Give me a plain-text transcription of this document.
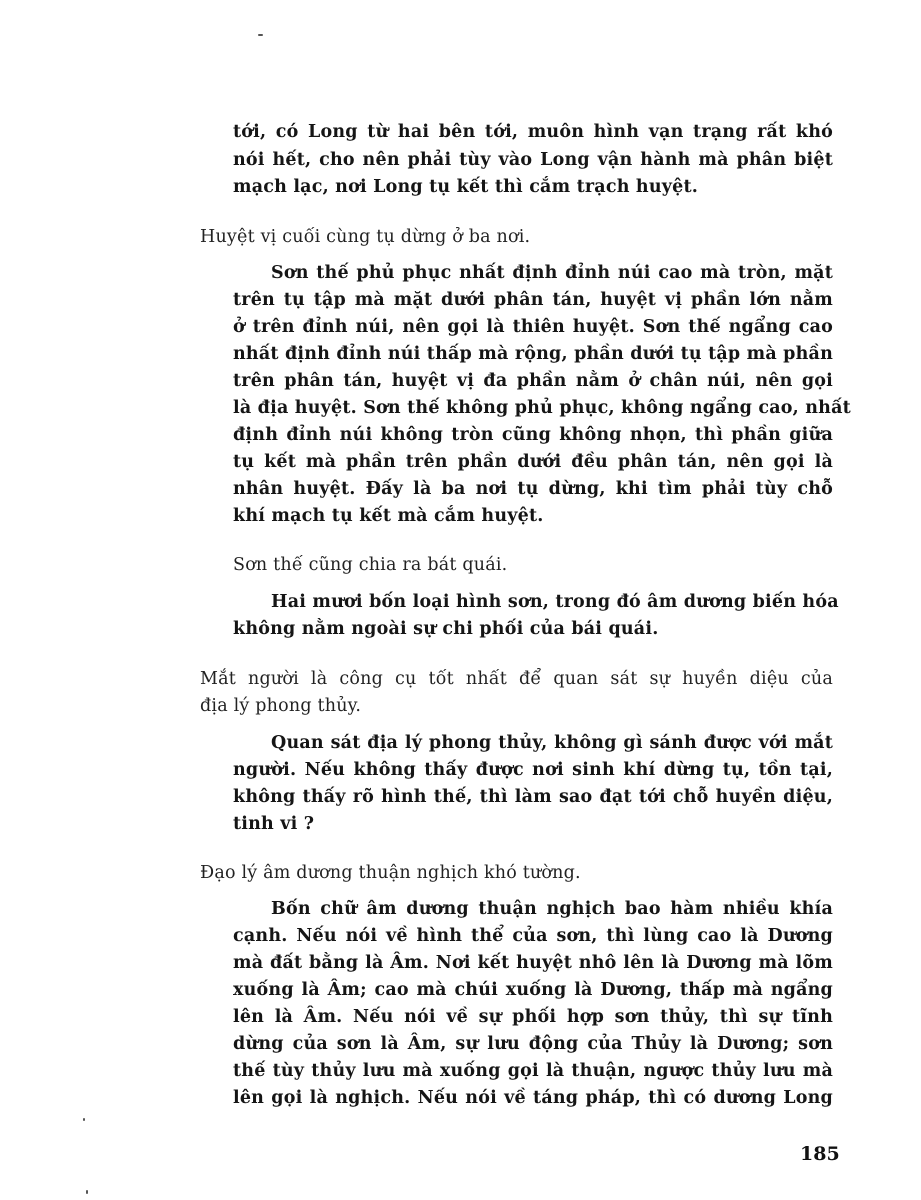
tới, có Long từ hai bên tới, muôn hình vạn trạng rất khó
nói hết, cho nên phải tùy vào Long vận hành mà phân biệt
mạch lạc, nơi Long tụ kết thì cắm trạch huyệt.
Huyệt vị cuối cùng tụ dừng ở ba nơi.
Sơn thế phủ phục nhất định đỉnh núi cao mà tròn, mặt
trên tụ tập mà mặt dưới phân tán, huyệt vị phần lớn nằm
ở trên đỉnh núi, nên gọi là thiên huyệt. Sơn thế ngẩng cao
nhất định đỉnh núi thấp mà rộng, phần dưới tụ tập mà phần
trên phân tán, huyệt vị đa phần nằm ở chân núi, nên gọi
là địa huyệt. Sơn thế không phủ phục, không ngẩng cao, nhất
định đỉnh núi không tròn cũng không nhọn, thì phần giữa
tụ kết mà phần trên phần dưới đều phân tán, nên gọi là
nhân huyệt. Đấy là ba nơi tụ dừng, khi tìm phải tùy chỗ
khí mạch tụ kết mà cắm huyệt.
Sơn thế cũng chia ra bát quái.
Hai mươi bốn loại hình sơn, trong đó âm dương biến hóa
không nằm ngoài sự chi phối của bái quái.
Mắt người là công cụ tốt nhất để quan sát sự huyền diệu của
địa lý phong thủy.
Quan sát địa lý phong thủy, không gì sánh được với mắt
người. Nếu không thấy được nơi sinh khí dừng tụ, tồn tại,
không thấy rõ hình thế, thì làm sao đạt tới chỗ huyền diệu,
tinh vi ?
Đạo lý âm dương thuận nghịch khó tường.
Bốn chữ âm dương thuận nghịch bao hàm nhiều khía
cạnh. Nếu nói về hình thể của sơn, thì lùng cao là Dương
mà đất bằng là Âm. Nơi kết huyệt nhô lên là Dương mà lõm
xuống là Âm; cao mà chúi xuống là Dương, thấp mà ngẩng
lên là Âm. Nếu nói về sự phối hợp sơn thủy, thì sự tĩnh
dừng của sơn là Âm, sự lưu động của Thủy là Dương; sơn
thế tùy thủy lưu mà xuống gọi là thuận, ngược thủy lưu mà
lên gọi là nghịch. Nếu nói về táng pháp, thì có dương Long
185
